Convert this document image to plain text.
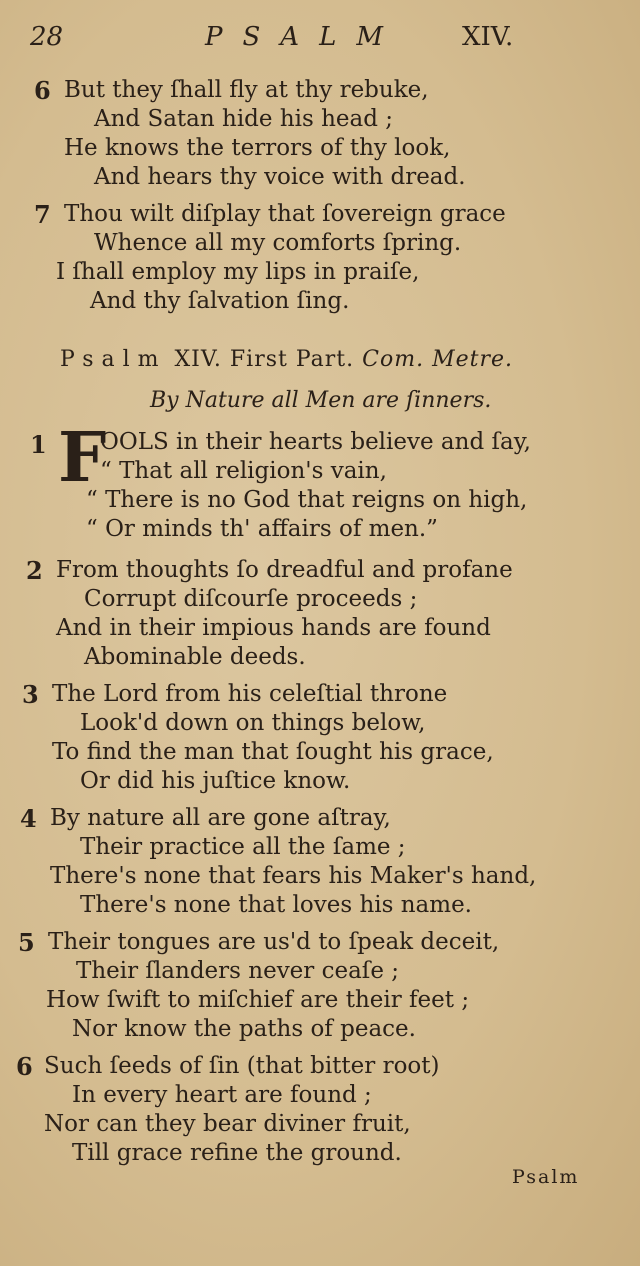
28	PSALM XIV.
6 But they ſhall fly at thy rebuke,
And Satan hide his head ;
He knows the terrors of thy look,
And hears thy voice with dread.
7 Thou wilt diſplay that ſovereign grace
Whence all my comforts ſpring.
I ſhall employ my lips in praiſe,
And thy ſalvation ſing.
Psalm XIV. First Part. Com. Metre.
By Nature all Men are ſinners.
1 F
OOLS in their hearts believe and ſay,
“ That all religion's vain,
“ There is no God that reigns on high,
“ Or minds th' affairs of men.”
2 From thoughts ſo dreadful and profane
Corrupt diſcourſe proceeds ;
And in their impious hands are found
Abominable deeds.
3 The Lord from his celeſtial throne
Look'd down on things below,
To find the man that ſought his grace,
Or did his juſtice know.
4 By nature all are gone aſtray,
Their practice all the ſame ;
There's none that fears his Maker's hand,
There's none that loves his name.
5 Their tongues are us'd to ſpeak deceit,
Their ſlanders never ceaſe ;
How ſwift to miſchief are their feet ;
Nor know the paths of peace.
6 Such ſeeds of ſin (that bitter root)
In every heart are found ;
Nor can they bear diviner fruit,
Till grace refine the ground.
Psalm
